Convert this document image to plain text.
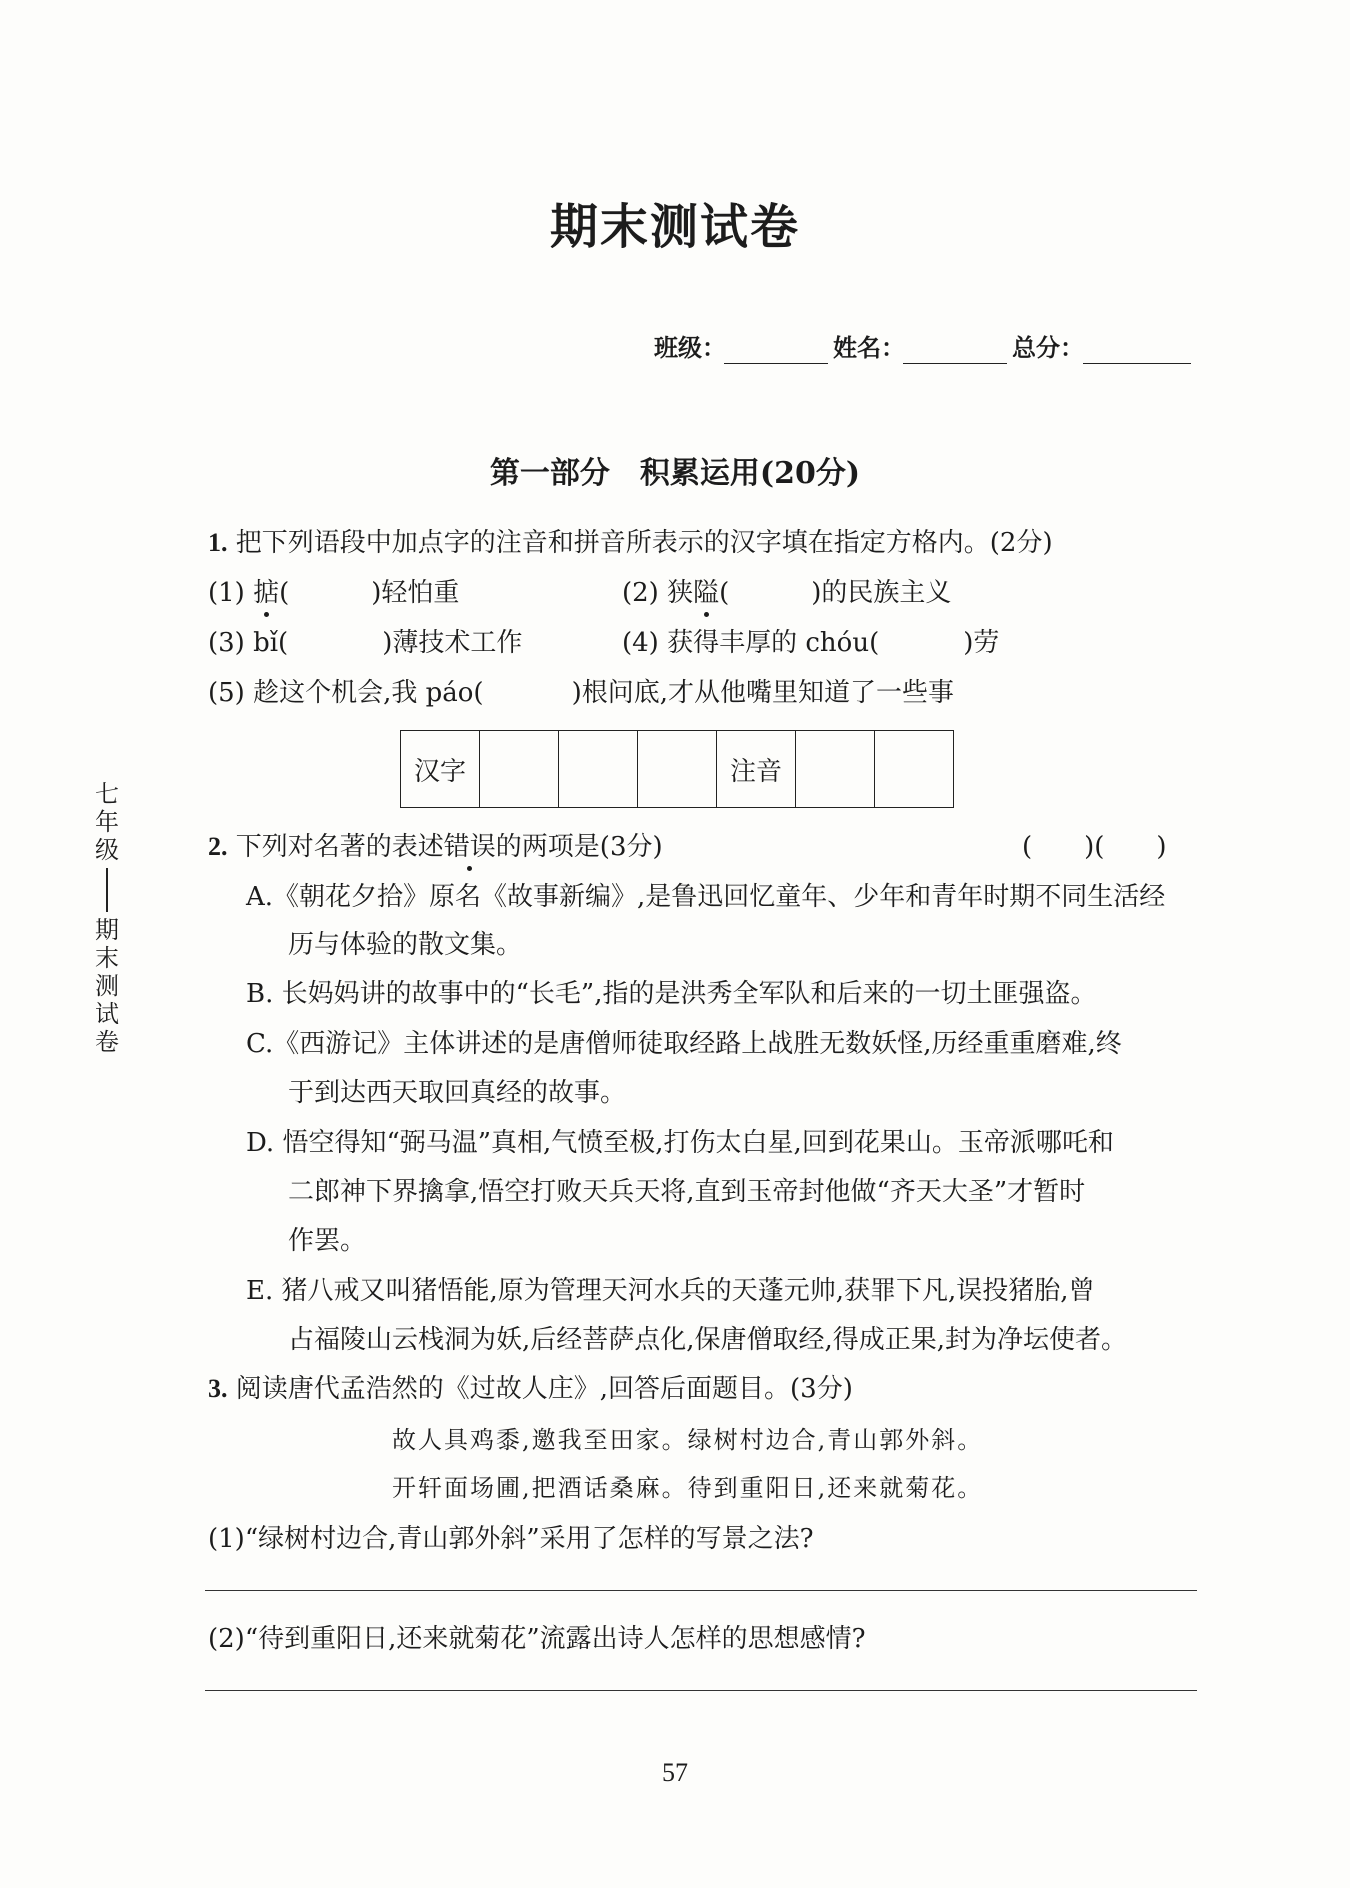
期末测试卷
班级：	姓名：	总分：
第一部分　积累运用(20分)
七年级
期末测试卷
1. 把下列语段中加点字的注音和拼音所表示的汉字填在指定方格内。(2分)
(1) 掂(	)轻怕重	(2) 狭隘(	)的民族主义
(3) bǐ(	)薄技术工作	(4) 获得丰厚的 chóu(	)劳
(5) 趁这个机会,我 páo(	)根问底,才从他嘴里知道了一些事
汉字				注音		
2. 下列对名著的表述错误的两项是(3分)	(　　)(　　)
A.《朝花夕拾》原名《故事新编》,是鲁迅回忆童年、少年和青年时期不同生活经
历与体验的散文集。
B. 长妈妈讲的故事中的“长毛”,指的是洪秀全军队和后来的一切土匪强盗。
C.《西游记》主体讲述的是唐僧师徒取经路上战胜无数妖怪,历经重重磨难,终
于到达西天取回真经的故事。
D. 悟空得知“弼马温”真相,气愤至极,打伤太白星,回到花果山。玉帝派哪吒和
二郎神下界擒拿,悟空打败天兵天将,直到玉帝封他做“齐天大圣”才暂时
作罢。
E. 猪八戒又叫猪悟能,原为管理天河水兵的天蓬元帅,获罪下凡,误投猪胎,曾
占福陵山云栈洞为妖,后经菩萨点化,保唐僧取经,得成正果,封为净坛使者。
3. 阅读唐代孟浩然的《过故人庄》,回答后面题目。(3分)
故人具鸡黍,邀我至田家。绿树村边合,青山郭外斜。
开轩面场圃,把酒话桑麻。待到重阳日,还来就菊花。
(1)“绿树村边合,青山郭外斜”采用了怎样的写景之法?
(2)“待到重阳日,还来就菊花”流露出诗人怎样的思想感情?
57
